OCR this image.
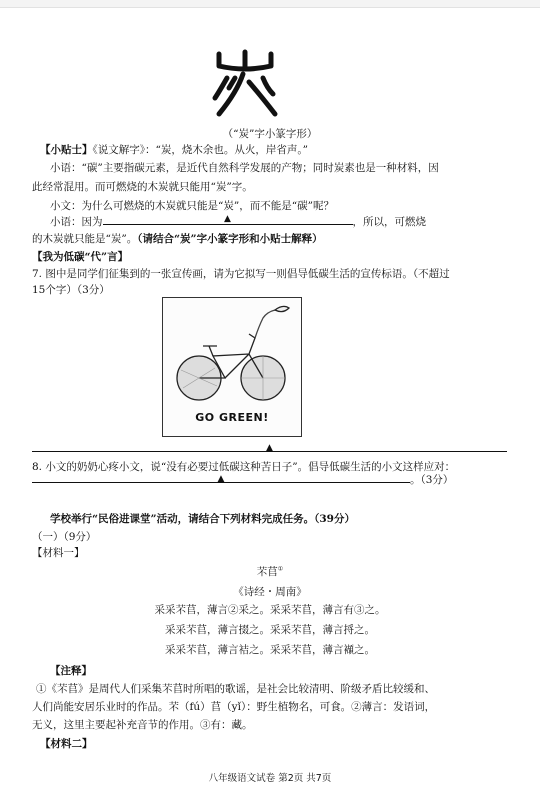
（“炭”字小篆字形）
【小贴士】《说文解字》：“炭，烧木余也。从火，岸省声。”
小语：“碳”主要指碳元素，是近代自然科学发展的产物；同时炭素也是一种材料，因
此经常混用。而可燃烧的木炭就只能用“炭”字。
小文：为什么可燃烧的木炭就只能是“炭”，而不能是“碳”呢？
小语：因为	▲	，所以，可燃烧
的木炭就只能是“炭”。（请结合“炭”字小篆字形和小贴士解释）
【我为低碳“代”言】
7. 图中是同学们征集到的一张宣传画，请为它拟写一则倡导低碳生活的宣传标语。（不超过
15个字）（3分）
GO GREEN!
▲
8. 小文的奶奶心疼小文，说“没有必要过低碳这种苦日子”。倡导低碳生活的小文这样应对：
▲	。（3分）
学校举行“民俗进课堂”活动，请结合下列材料完成任务。（39分）
（一）（9分）
【材料一】
芣苢①
《诗经・周南》
采采芣苢，薄言②采之。采采芣苢，薄言有③之。
采采芣苢，薄言掇之。采采芣苢，薄言捋之。
采采芣苢，薄言袺之。采采芣苢，薄言襭之。
【注释】
①《芣苢》是周代人们采集芣苢时所唱的歌谣，是社会比较清明、阶级矛盾比较缓和、
人们尚能安居乐业时的作品。芣（fú）苢（yǐ）：野生植物名，可食。②薄言：发语词，
无义，这里主要起补充音节的作用。③有：藏。
【材料二】
八年级语文试卷 第2页 共7页
